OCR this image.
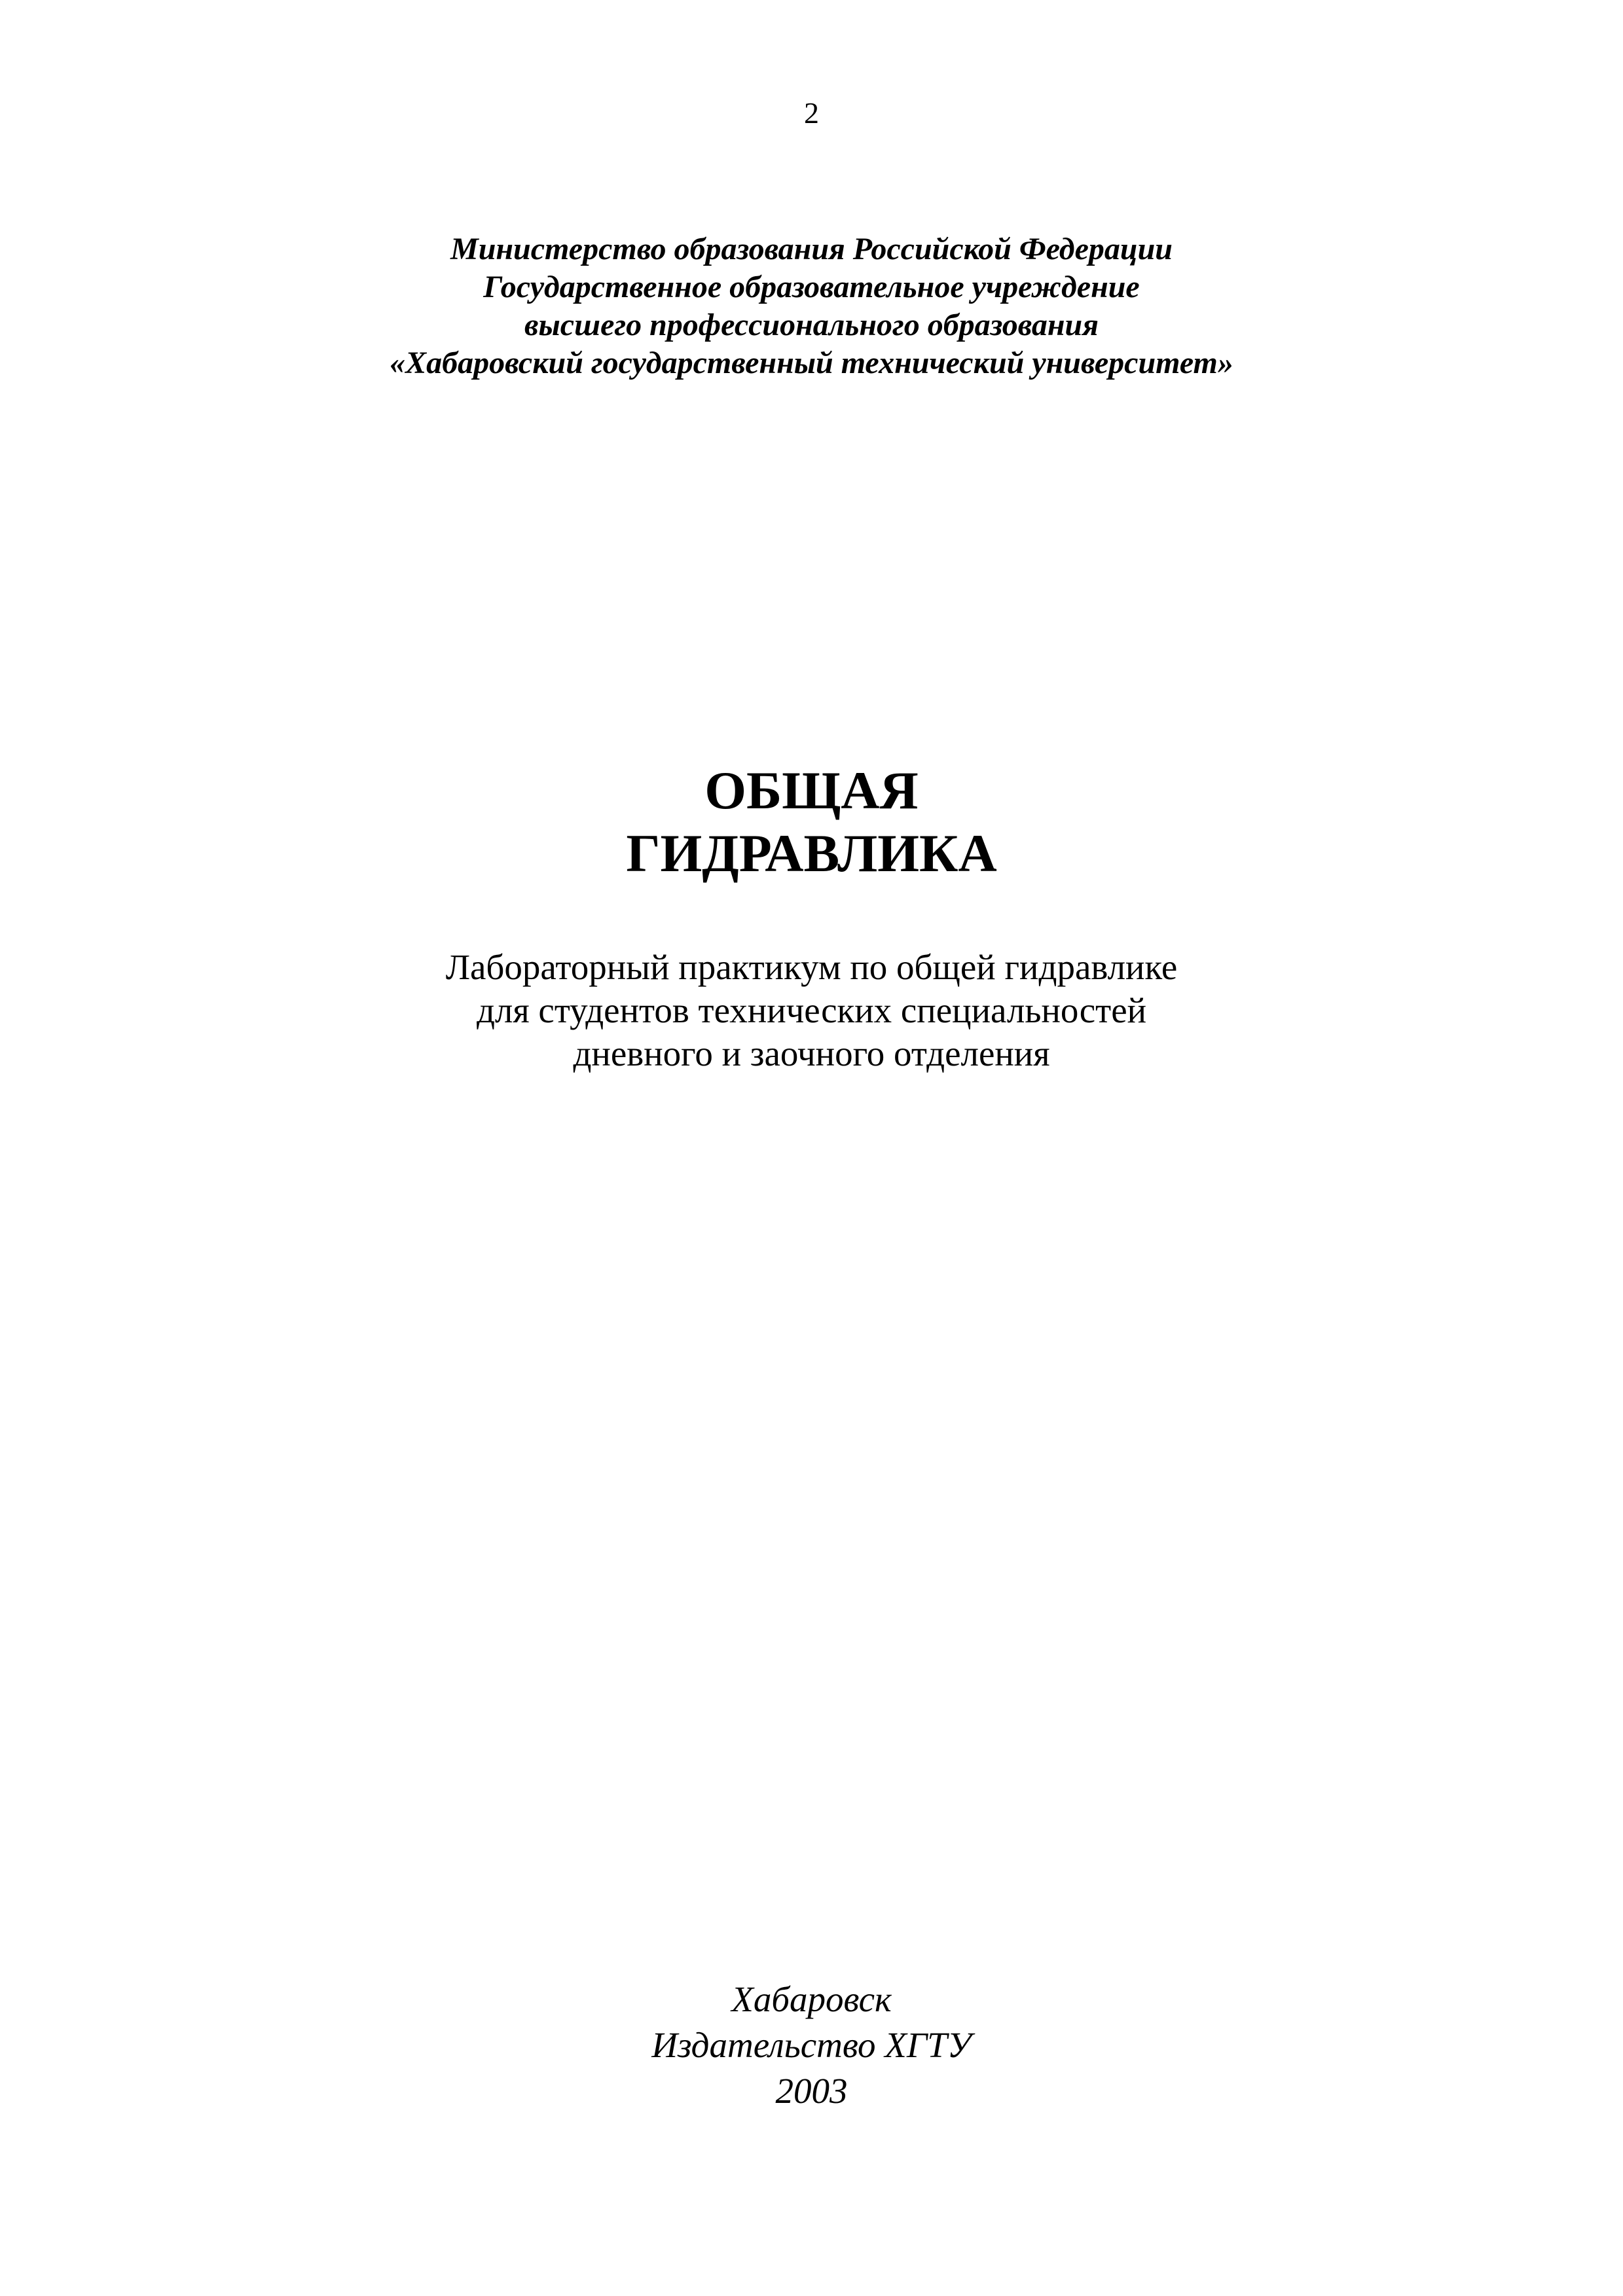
2
Министерство образования Российской Федерации
Государственное образовательное учреждение
высшего профессионального образования
«Хабаровский государственный технический университет»
ОБЩАЯ
ГИДРАВЛИКА
Лабораторный практикум по общей гидравлике
для студентов технических специальностей
дневного и заочного отделения
Хабаровск
Издательство ХГТУ
2003
